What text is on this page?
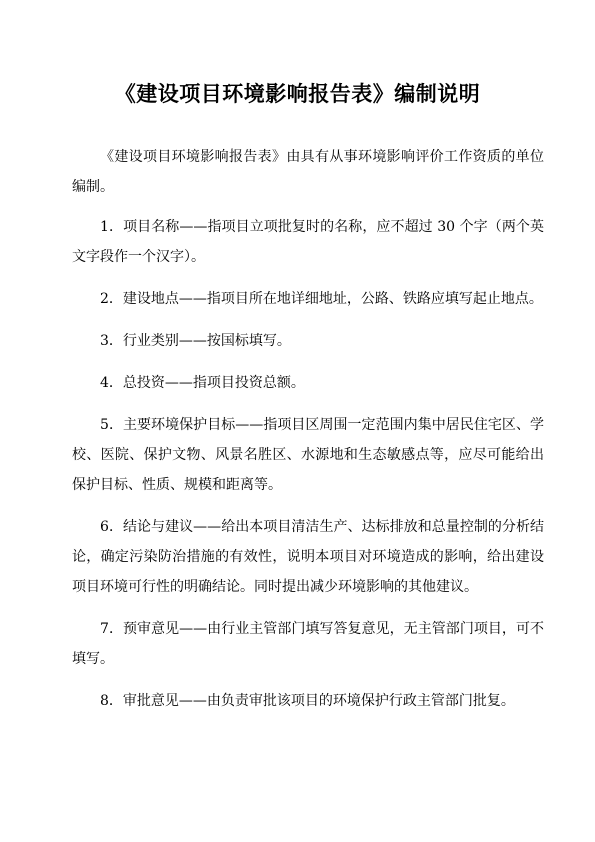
《建设项目环境影响报告表》编制说明

《建设项目环境影响报告表》由具有从事环境影响评价工作资质的单位编制。

1．项目名称——指项目立项批复时的名称，应不超过 30 个字（两个英文字段作一个汉字）。

2．建设地点——指项目所在地详细地址，公路、铁路应填写起止地点。

3．行业类别——按国标填写。

4．总投资——指项目投资总额。

5．主要环境保护目标——指项目区周围一定范围内集中居民住宅区、学校、医院、保护文物、风景名胜区、水源地和生态敏感点等，应尽可能给出保护目标、性质、规模和距离等。

6．结论与建议——给出本项目清洁生产、达标排放和总量控制的分析结论，确定污染防治措施的有效性，说明本项目对环境造成的影响，给出建设项目环境可行性的明确结论。同时提出减少环境影响的其他建议。

7．预审意见——由行业主管部门填写答复意见，无主管部门项目，可不填写。

8．审批意见——由负责审批该项目的环境保护行政主管部门批复。
